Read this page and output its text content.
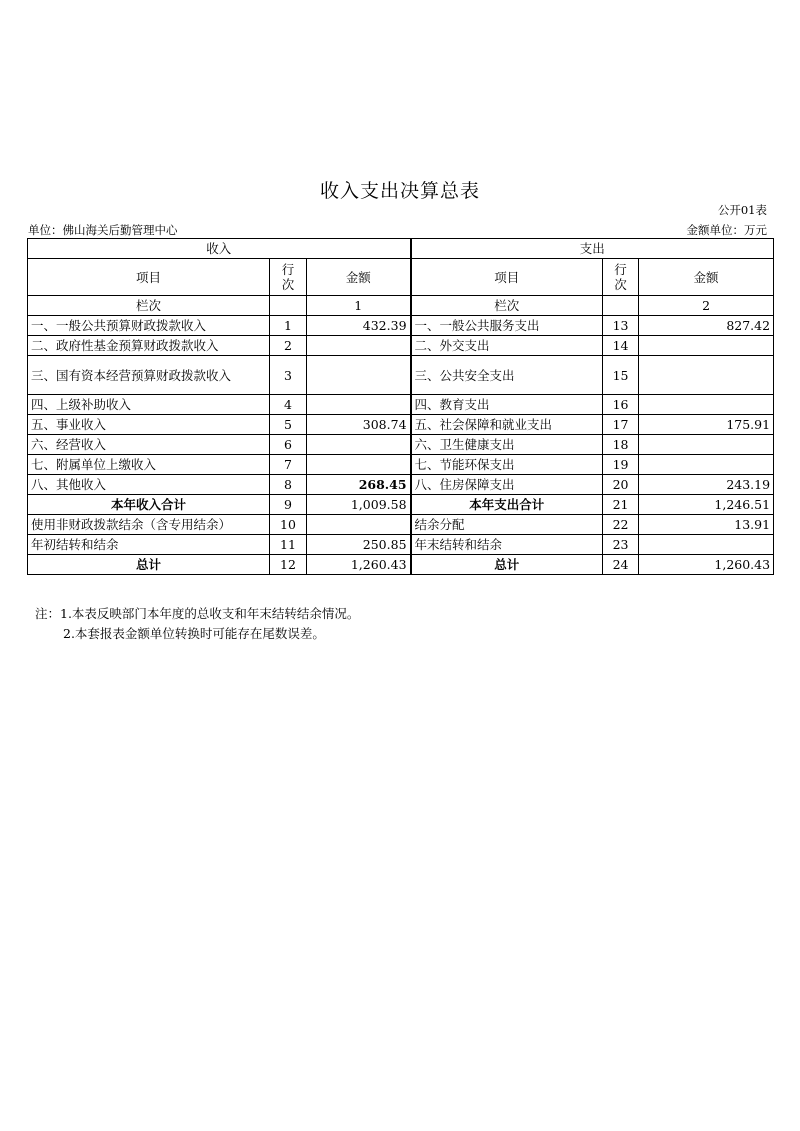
收入支出决算总表
公开01表
单位：佛山海关后勤管理中心	金额单位：万元
收入			支出		
项目	行次	金额	项目	行次	金额
栏次		1	栏次		2
一、一般公共预算财政拨款收入	1	432.39	一、一般公共服务支出	13	827.42
二、政府性基金预算财政拨款收入	2		二、外交支出	14	
三、国有资本经营预算财政拨款收入	3		三、公共安全支出	15	
四、上级补助收入	4		四、教育支出	16	
五、事业收入	5	308.74	五、社会保障和就业支出	17	175.91
六、经营收入	6		六、卫生健康支出	18	
七、附属单位上缴收入	7		七、节能环保支出	19	
八、其他收入	8	268.45	八、住房保障支出	20	243.19
本年收入合计	9	1,009.58	本年支出合计	21	1,246.51
使用非财政拨款结余（含专用结余）	10		结余分配	22	13.91
年初结转和结余	11	250.85	年末结转和结余	23	
总计	12	1,260.43	总计	24	1,260.43
注：1.本表反映部门本年度的总收支和年末结转结余情况。
2.本套报表金额单位转换时可能存在尾数误差。
